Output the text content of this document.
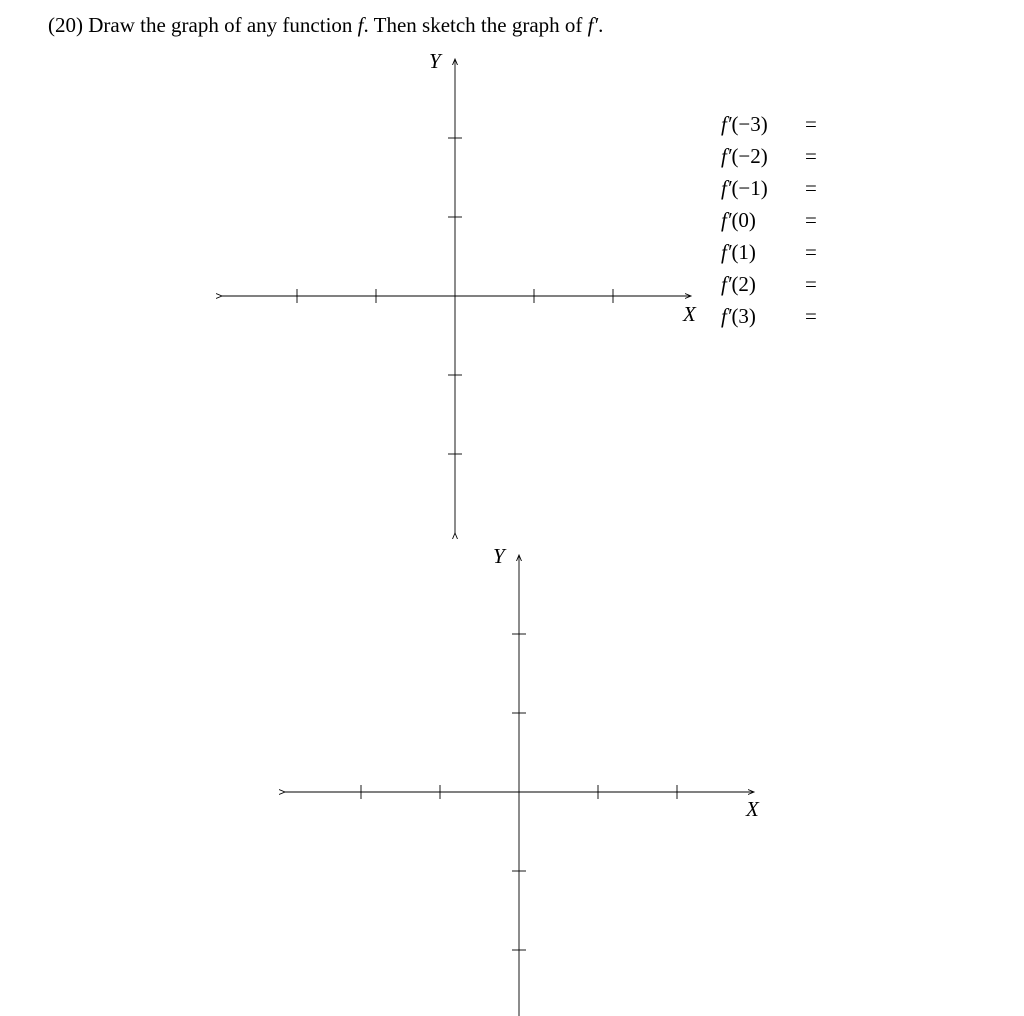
(20) Draw the graph of any function f. Then sketch the graph of f′.
Y
X
Y
X
f′(−3) =
f′(−2) =
f′(−1) =
f′(0) =
f′(1) =
f′(2) =
f′(3) =
